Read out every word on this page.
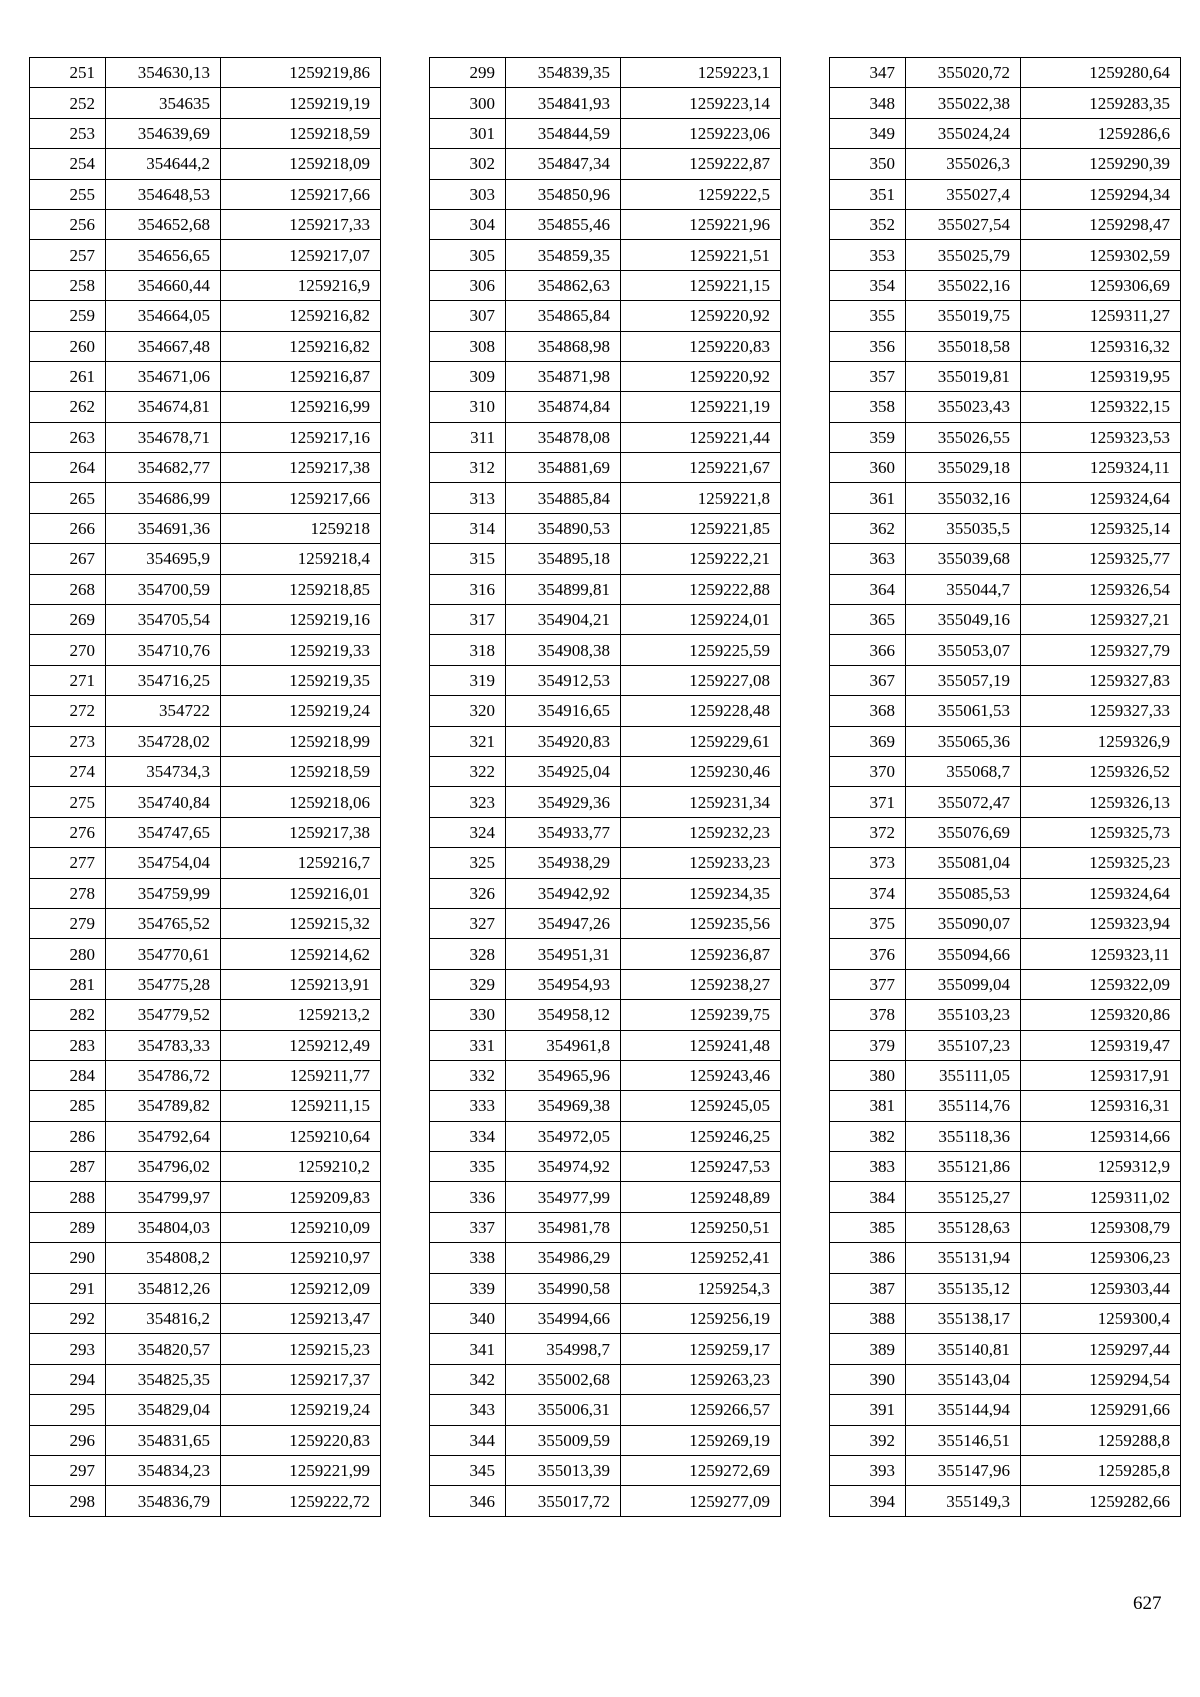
251	354630,13	1259219,86
252	354635	1259219,19
253	354639,69	1259218,59
254	354644,2	1259218,09
255	354648,53	1259217,66
256	354652,68	1259217,33
257	354656,65	1259217,07
258	354660,44	1259216,9
259	354664,05	1259216,82
260	354667,48	1259216,82
261	354671,06	1259216,87
262	354674,81	1259216,99
263	354678,71	1259217,16
264	354682,77	1259217,38
265	354686,99	1259217,66
266	354691,36	1259218
267	354695,9	1259218,4
268	354700,59	1259218,85
269	354705,54	1259219,16
270	354710,76	1259219,33
271	354716,25	1259219,35
272	354722	1259219,24
273	354728,02	1259218,99
274	354734,3	1259218,59
275	354740,84	1259218,06
276	354747,65	1259217,38
277	354754,04	1259216,7
278	354759,99	1259216,01
279	354765,52	1259215,32
280	354770,61	1259214,62
281	354775,28	1259213,91
282	354779,52	1259213,2
283	354783,33	1259212,49
284	354786,72	1259211,77
285	354789,82	1259211,15
286	354792,64	1259210,64
287	354796,02	1259210,2
288	354799,97	1259209,83
289	354804,03	1259210,09
290	354808,2	1259210,97
291	354812,26	1259212,09
292	354816,2	1259213,47
293	354820,57	1259215,23
294	354825,35	1259217,37
295	354829,04	1259219,24
296	354831,65	1259220,83
297	354834,23	1259221,99
298	354836,79	1259222,72
299	354839,35	1259223,1
300	354841,93	1259223,14
301	354844,59	1259223,06
302	354847,34	1259222,87
303	354850,96	1259222,5
304	354855,46	1259221,96
305	354859,35	1259221,51
306	354862,63	1259221,15
307	354865,84	1259220,92
308	354868,98	1259220,83
309	354871,98	1259220,92
310	354874,84	1259221,19
311	354878,08	1259221,44
312	354881,69	1259221,67
313	354885,84	1259221,8
314	354890,53	1259221,85
315	354895,18	1259222,21
316	354899,81	1259222,88
317	354904,21	1259224,01
318	354908,38	1259225,59
319	354912,53	1259227,08
320	354916,65	1259228,48
321	354920,83	1259229,61
322	354925,04	1259230,46
323	354929,36	1259231,34
324	354933,77	1259232,23
325	354938,29	1259233,23
326	354942,92	1259234,35
327	354947,26	1259235,56
328	354951,31	1259236,87
329	354954,93	1259238,27
330	354958,12	1259239,75
331	354961,8	1259241,48
332	354965,96	1259243,46
333	354969,38	1259245,05
334	354972,05	1259246,25
335	354974,92	1259247,53
336	354977,99	1259248,89
337	354981,78	1259250,51
338	354986,29	1259252,41
339	354990,58	1259254,3
340	354994,66	1259256,19
341	354998,7	1259259,17
342	355002,68	1259263,23
343	355006,31	1259266,57
344	355009,59	1259269,19
345	355013,39	1259272,69
346	355017,72	1259277,09
347	355020,72	1259280,64
348	355022,38	1259283,35
349	355024,24	1259286,6
350	355026,3	1259290,39
351	355027,4	1259294,34
352	355027,54	1259298,47
353	355025,79	1259302,59
354	355022,16	1259306,69
355	355019,75	1259311,27
356	355018,58	1259316,32
357	355019,81	1259319,95
358	355023,43	1259322,15
359	355026,55	1259323,53
360	355029,18	1259324,11
361	355032,16	1259324,64
362	355035,5	1259325,14
363	355039,68	1259325,77
364	355044,7	1259326,54
365	355049,16	1259327,21
366	355053,07	1259327,79
367	355057,19	1259327,83
368	355061,53	1259327,33
369	355065,36	1259326,9
370	355068,7	1259326,52
371	355072,47	1259326,13
372	355076,69	1259325,73
373	355081,04	1259325,23
374	355085,53	1259324,64
375	355090,07	1259323,94
376	355094,66	1259323,11
377	355099,04	1259322,09
378	355103,23	1259320,86
379	355107,23	1259319,47
380	355111,05	1259317,91
381	355114,76	1259316,31
382	355118,36	1259314,66
383	355121,86	1259312,9
384	355125,27	1259311,02
385	355128,63	1259308,79
386	355131,94	1259306,23
387	355135,12	1259303,44
388	355138,17	1259300,4
389	355140,81	1259297,44
390	355143,04	1259294,54
391	355144,94	1259291,66
392	355146,51	1259288,8
393	355147,96	1259285,8
394	355149,3	1259282,66
627
